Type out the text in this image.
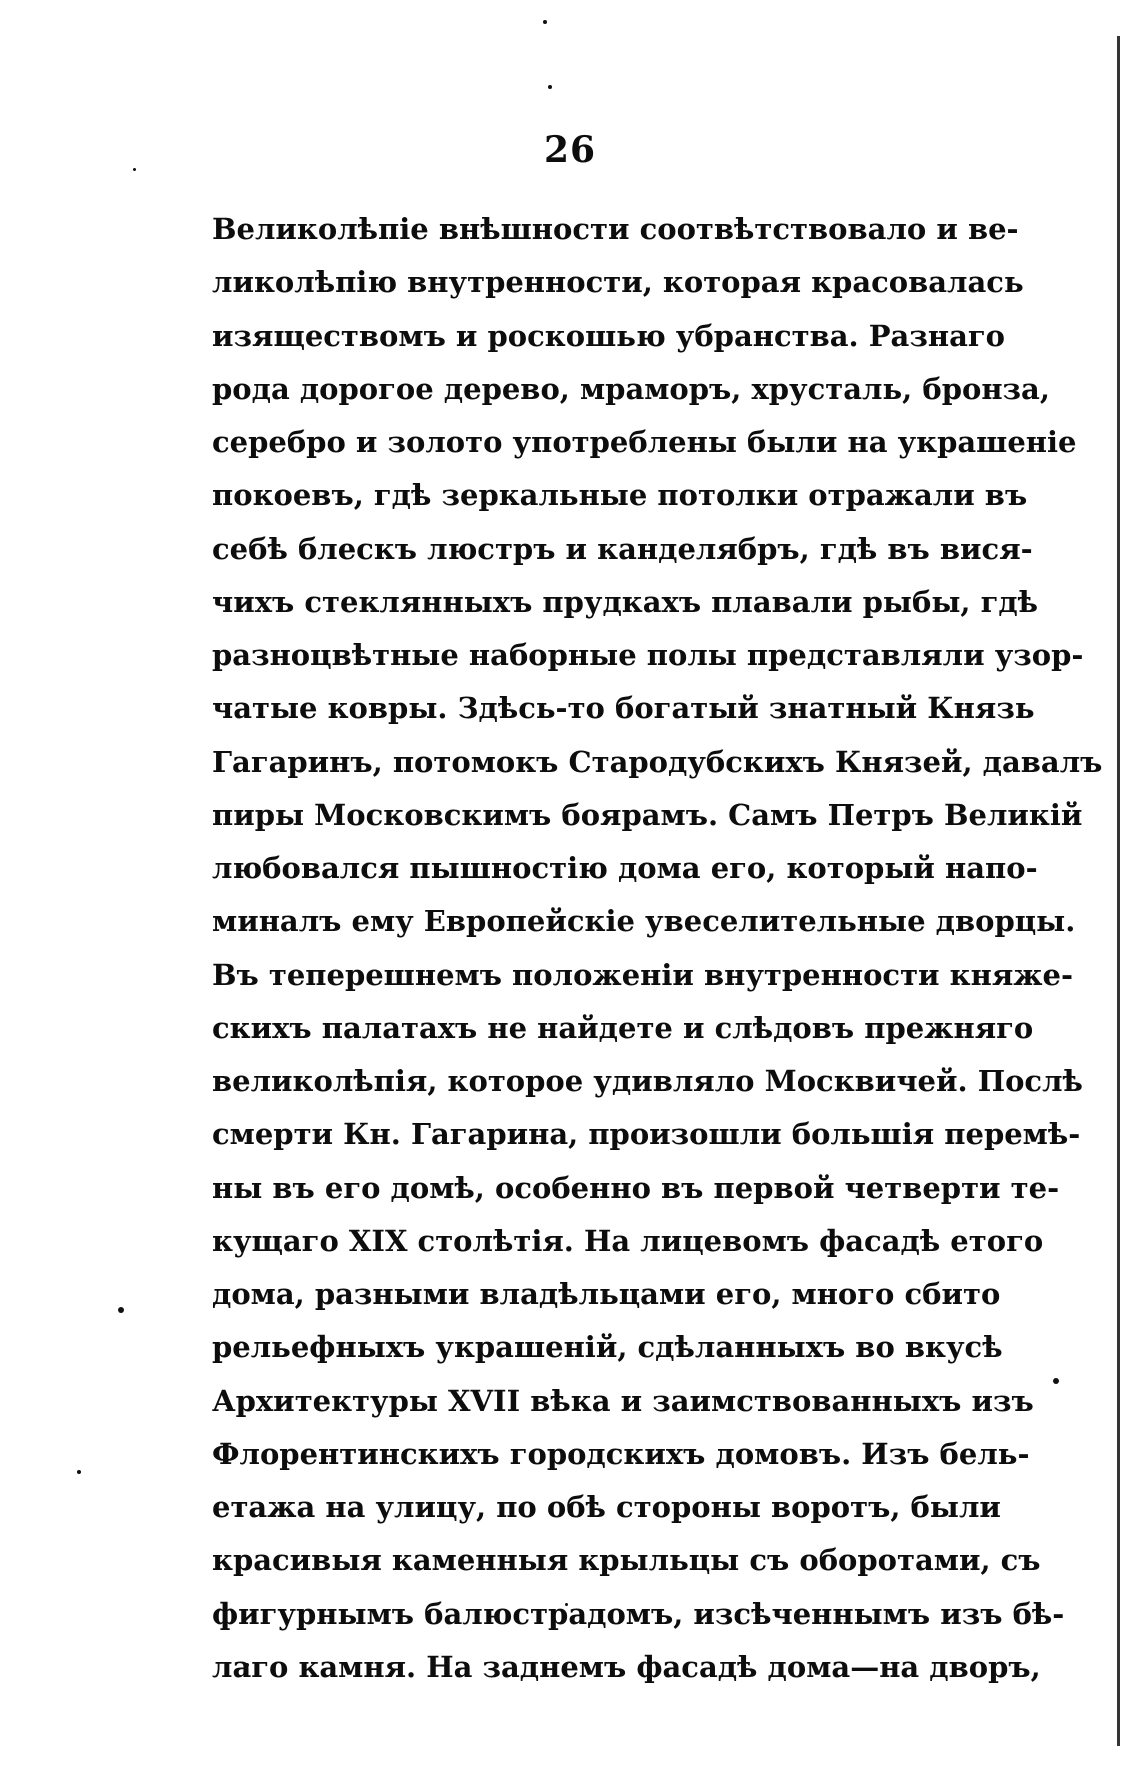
26
Великолѣпіе внѣшности соотвѣтствовало и ве-
ликолѣпію внутренности, которая красовалась
изяществомъ и роскошью убранства. Разнаго
рода дорогое дерево, мраморъ, хрусталь, бронза,
серебро и золото употреблены были на украшеніе
покоевъ, гдѣ зеркальные потолки отражали въ
себѣ блескъ люстръ и канделябръ, гдѣ въ вися-
чихъ стеклянныхъ прудкахъ плавали рыбы, гдѣ
разноцвѣтные наборные полы представляли узор-
чатые ковры. Здѣсь-то богатый знатный Князь
Гагаринъ, потомокъ Стародубскихъ Князей, давалъ
пиры Московскимъ боярамъ. Самъ Петръ Великій
любовался пышностію дома его, который напо-
миналъ ему Европейскіе увеселительные дворцы.
Въ теперешнемъ положеніи внутренности княже-
скихъ палатахъ не найдете и слѣдовъ прежняго
великолѣпія, которое удивляло Москвичей. Послѣ
смерти Кн. Гагарина, произошли большія перемѣ-
ны въ его домѣ, особенно въ первой четверти те-
кущаго XIX столѣтія. На лицевомъ фасадѣ етого
дома, разными владѣльцами его, много сбито
рельефныхъ украшеній, сдѣланныхъ во вкусѣ
Архитектуры XVII вѣка и заимствованныхъ изъ
Флорентинскихъ городскихъ домовъ. Изъ бель-
етажа на улицу, по обѣ стороны воротъ, были
красивыя каменныя крыльцы съ оборотами, съ
фигурнымъ балюстрадомъ, изсѣченнымъ изъ бѣ-
лаго камня. На заднемъ фасадѣ дома—на дворъ,
